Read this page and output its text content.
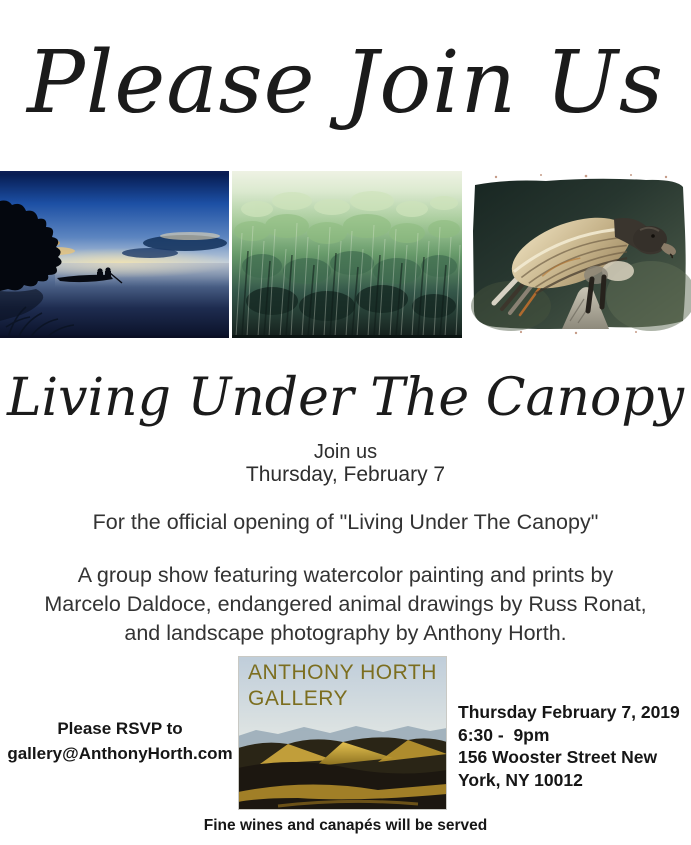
Please Join Us
Living Under The Canopy
Join us
Thursday, February 7
For the official opening of "Living Under The Canopy"
A group show featuring watercolor painting and prints by
Marcelo Daldoce, endangered animal drawings by Russ Ronat,
and landscape photography by Anthony Horth.
Please RSVP to
gallery@AnthonyHorth.com
ANTHONY HORTH
GALLERY
Thursday February 7, 2019
6:30 -  9pm
156 Wooster Street New
York, NY 10012
Fine wines and canapés will be served
